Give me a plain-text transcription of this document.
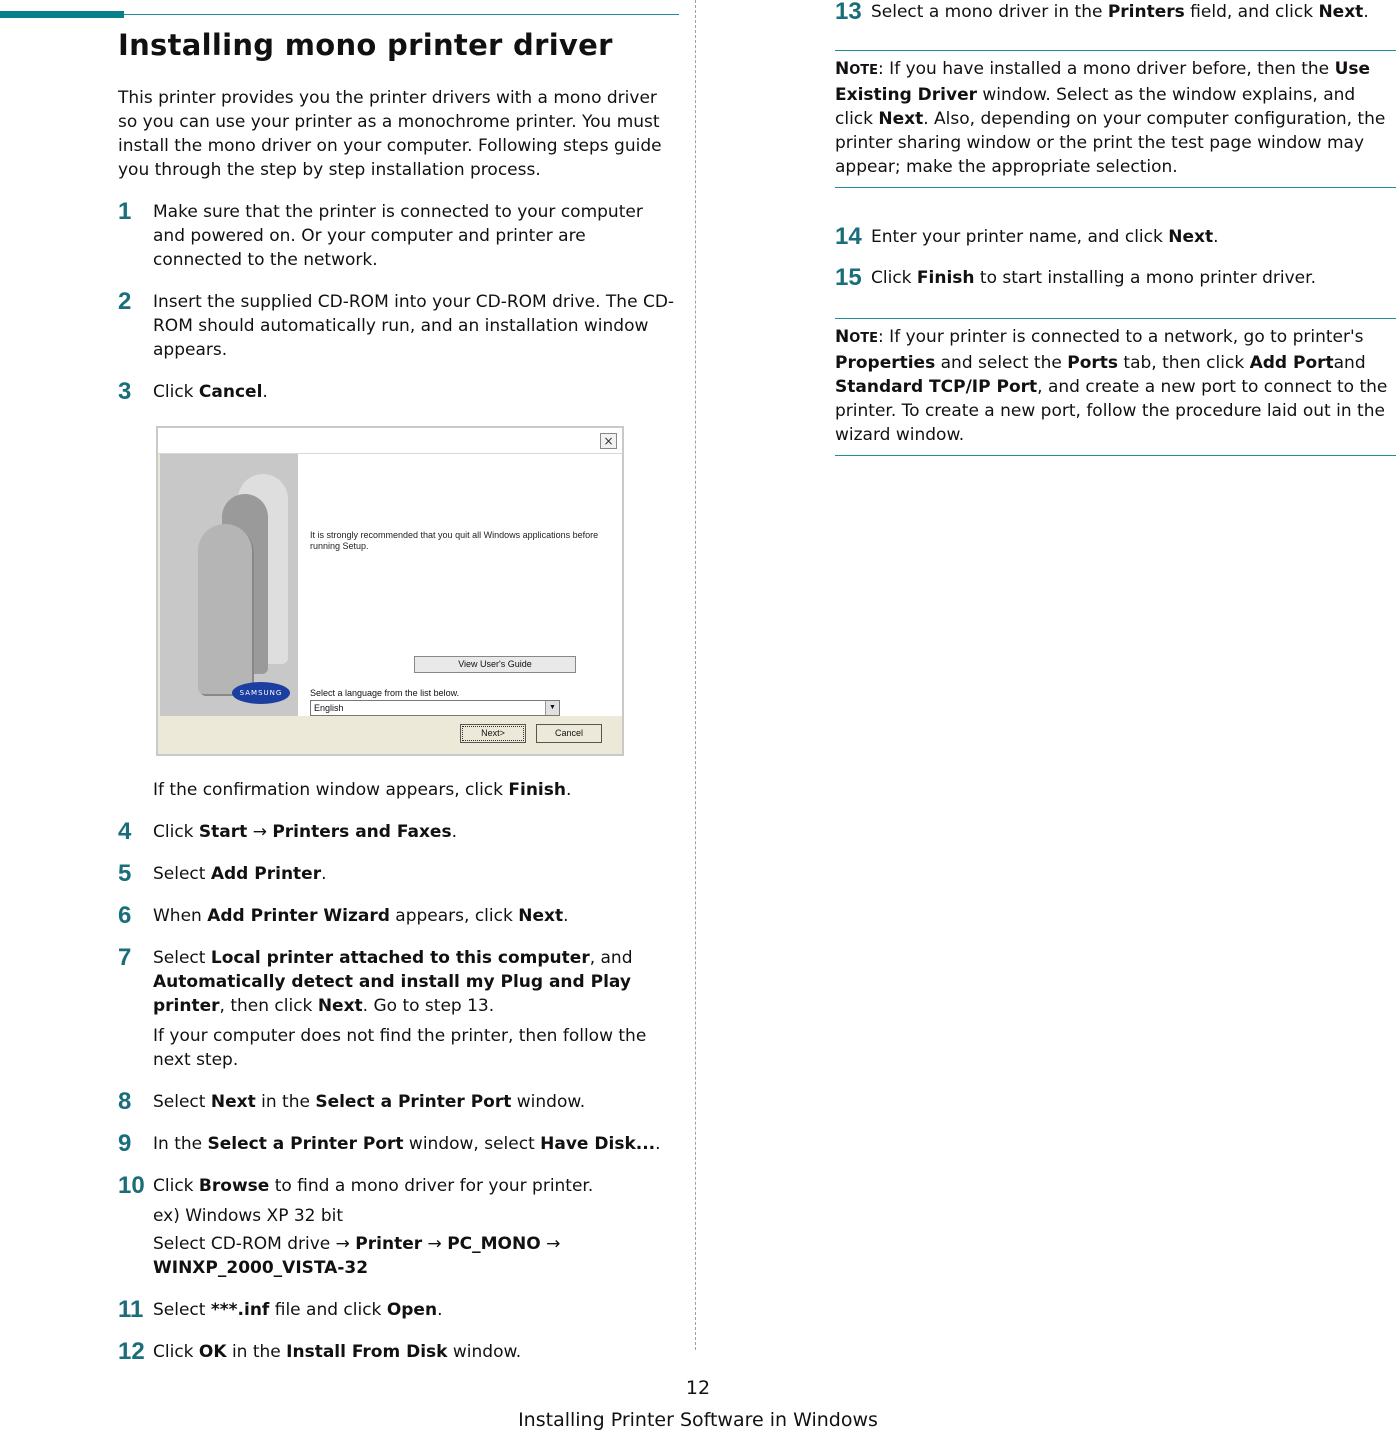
Installing mono printer driver

This printer provides you the printer drivers with a mono driver so you can use your printer as a monochrome printer. You must install the mono driver on your computer. Following steps guide you through the step by step installation process.

1	Make sure that the printer is connected to your computer and powered on. Or your computer and printer are connected to the network.
2	Insert the supplied CD-ROM into your CD-ROM drive. The CD-ROM should automatically run, and an installation window appears.
3	Click Cancel.
×
SAMSUNG
It is strongly recommended that you quit all Windows applications before running Setup.
View User's Guide
Select a language from the list below.
English	▼
Next>	Cancel

If the confirmation window appears, click Finish.

4	Click Start → Printers and Faxes.
5	Select Add Printer.
6	When Add Printer Wizard appears, click Next.
7	Select Local printer attached to this computer, and Automatically detect and install my Plug and Play printer, then click Next. Go to step 13.

If your computer does not find the printer, then follow the next step.

8	Select Next in the Select a Printer Port window.
9	In the Select a Printer Port window, select Have Disk....
10 Click Browse to find a mono driver for your printer.

ex) Windows XP 32 bit

Select CD-ROM drive → Printer → PC_MONO → WINXP_2000_VISTA-32

11 Select ***.inf file and click Open.
12 Click OK in the Install From Disk window.
13 Select a mono driver in the Printers field, and click Next.
NOTE: If you have installed a mono driver before, then the Use Existing Driver window. Select as the window explains, and click Next. Also, depending on your computer configuration, the printer sharing window or the print the test page window may appear; make the appropriate selection.
14 Enter your printer name, and click Next.
15 Click Finish to start installing a mono printer driver.
NOTE: If your printer is connected to a network, go to printer's Properties and select the Ports tab, then click Add Portand Standard TCP/IP Port, and create a new port to connect to the printer. To create a new port, follow the procedure laid out in the wizard window.
12
Installing Printer Software in Windows
